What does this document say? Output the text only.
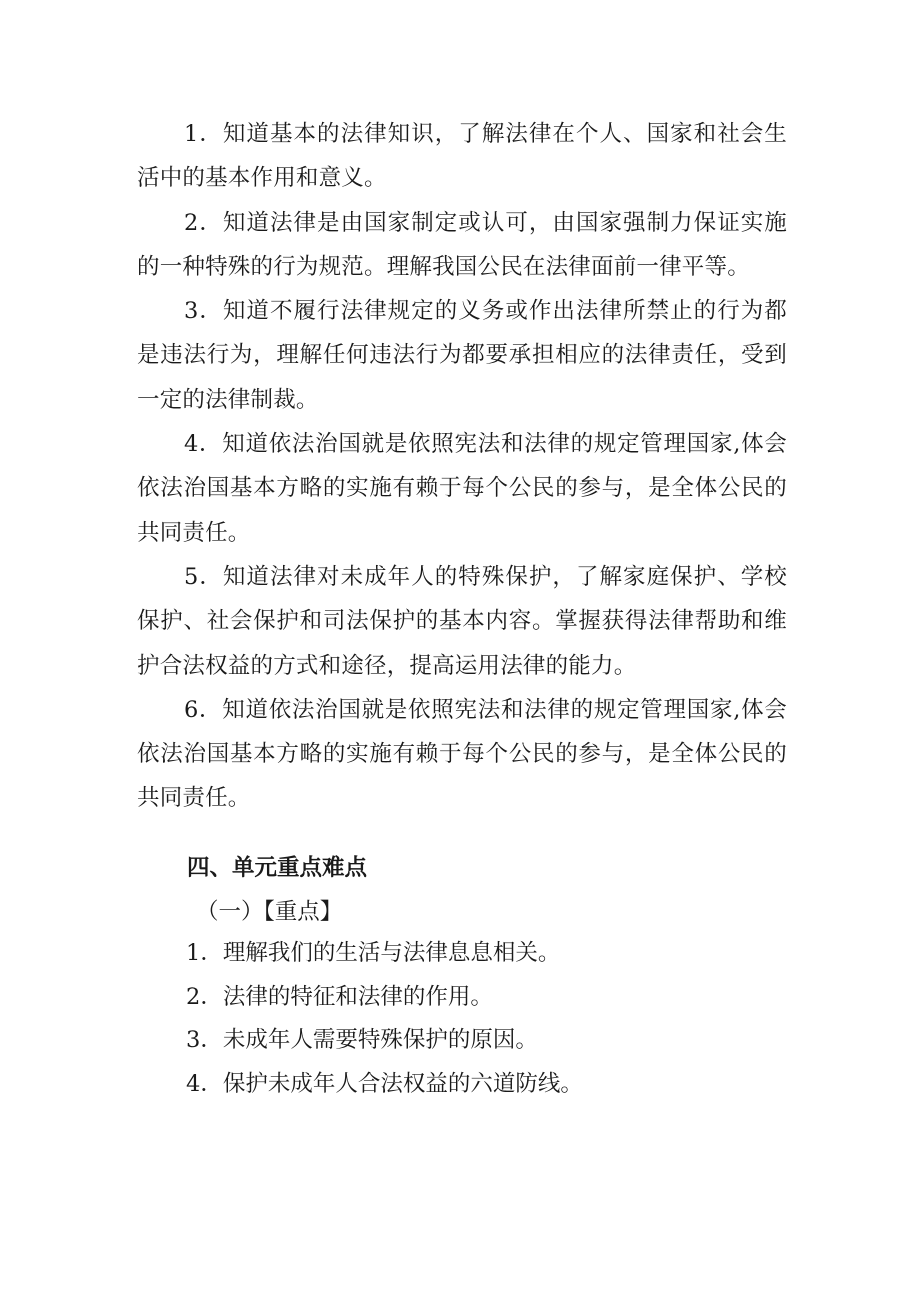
1．知道基本的法律知识，了解法律在个人、国家和社会生活中的基本作用和意义。

2．知道法律是由国家制定或认可，由国家强制力保证实施的一种特殊的行为规范。理解我国公民在法律面前一律平等。

3．知道不履行法律规定的义务或作出法律所禁止的行为都是违法行为，理解任何违法行为都要承担相应的法律责任，受到一定的法律制裁。

4．知道依法治国就是依照宪法和法律的规定管理国家,体会依法治国基本方略的实施有赖于每个公民的参与，是全体公民的共同责任。

5．知道法律对未成年人的特殊保护，了解家庭保护、学校保护、社会保护和司法保护的基本内容。掌握获得法律帮助和维护合法权益的方式和途径，提高运用法律的能力。

6．知道依法治国就是依照宪法和法律的规定管理国家,体会依法治国基本方略的实施有赖于每个公民的参与，是全体公民的共同责任。

四、单元重点难点
（一）【重点】
1．理解我们的生活与法律息息相关。
2．法律的特征和法律的作用。
3．未成年人需要特殊保护的原因。
4．保护未成年人合法权益的六道防线。
